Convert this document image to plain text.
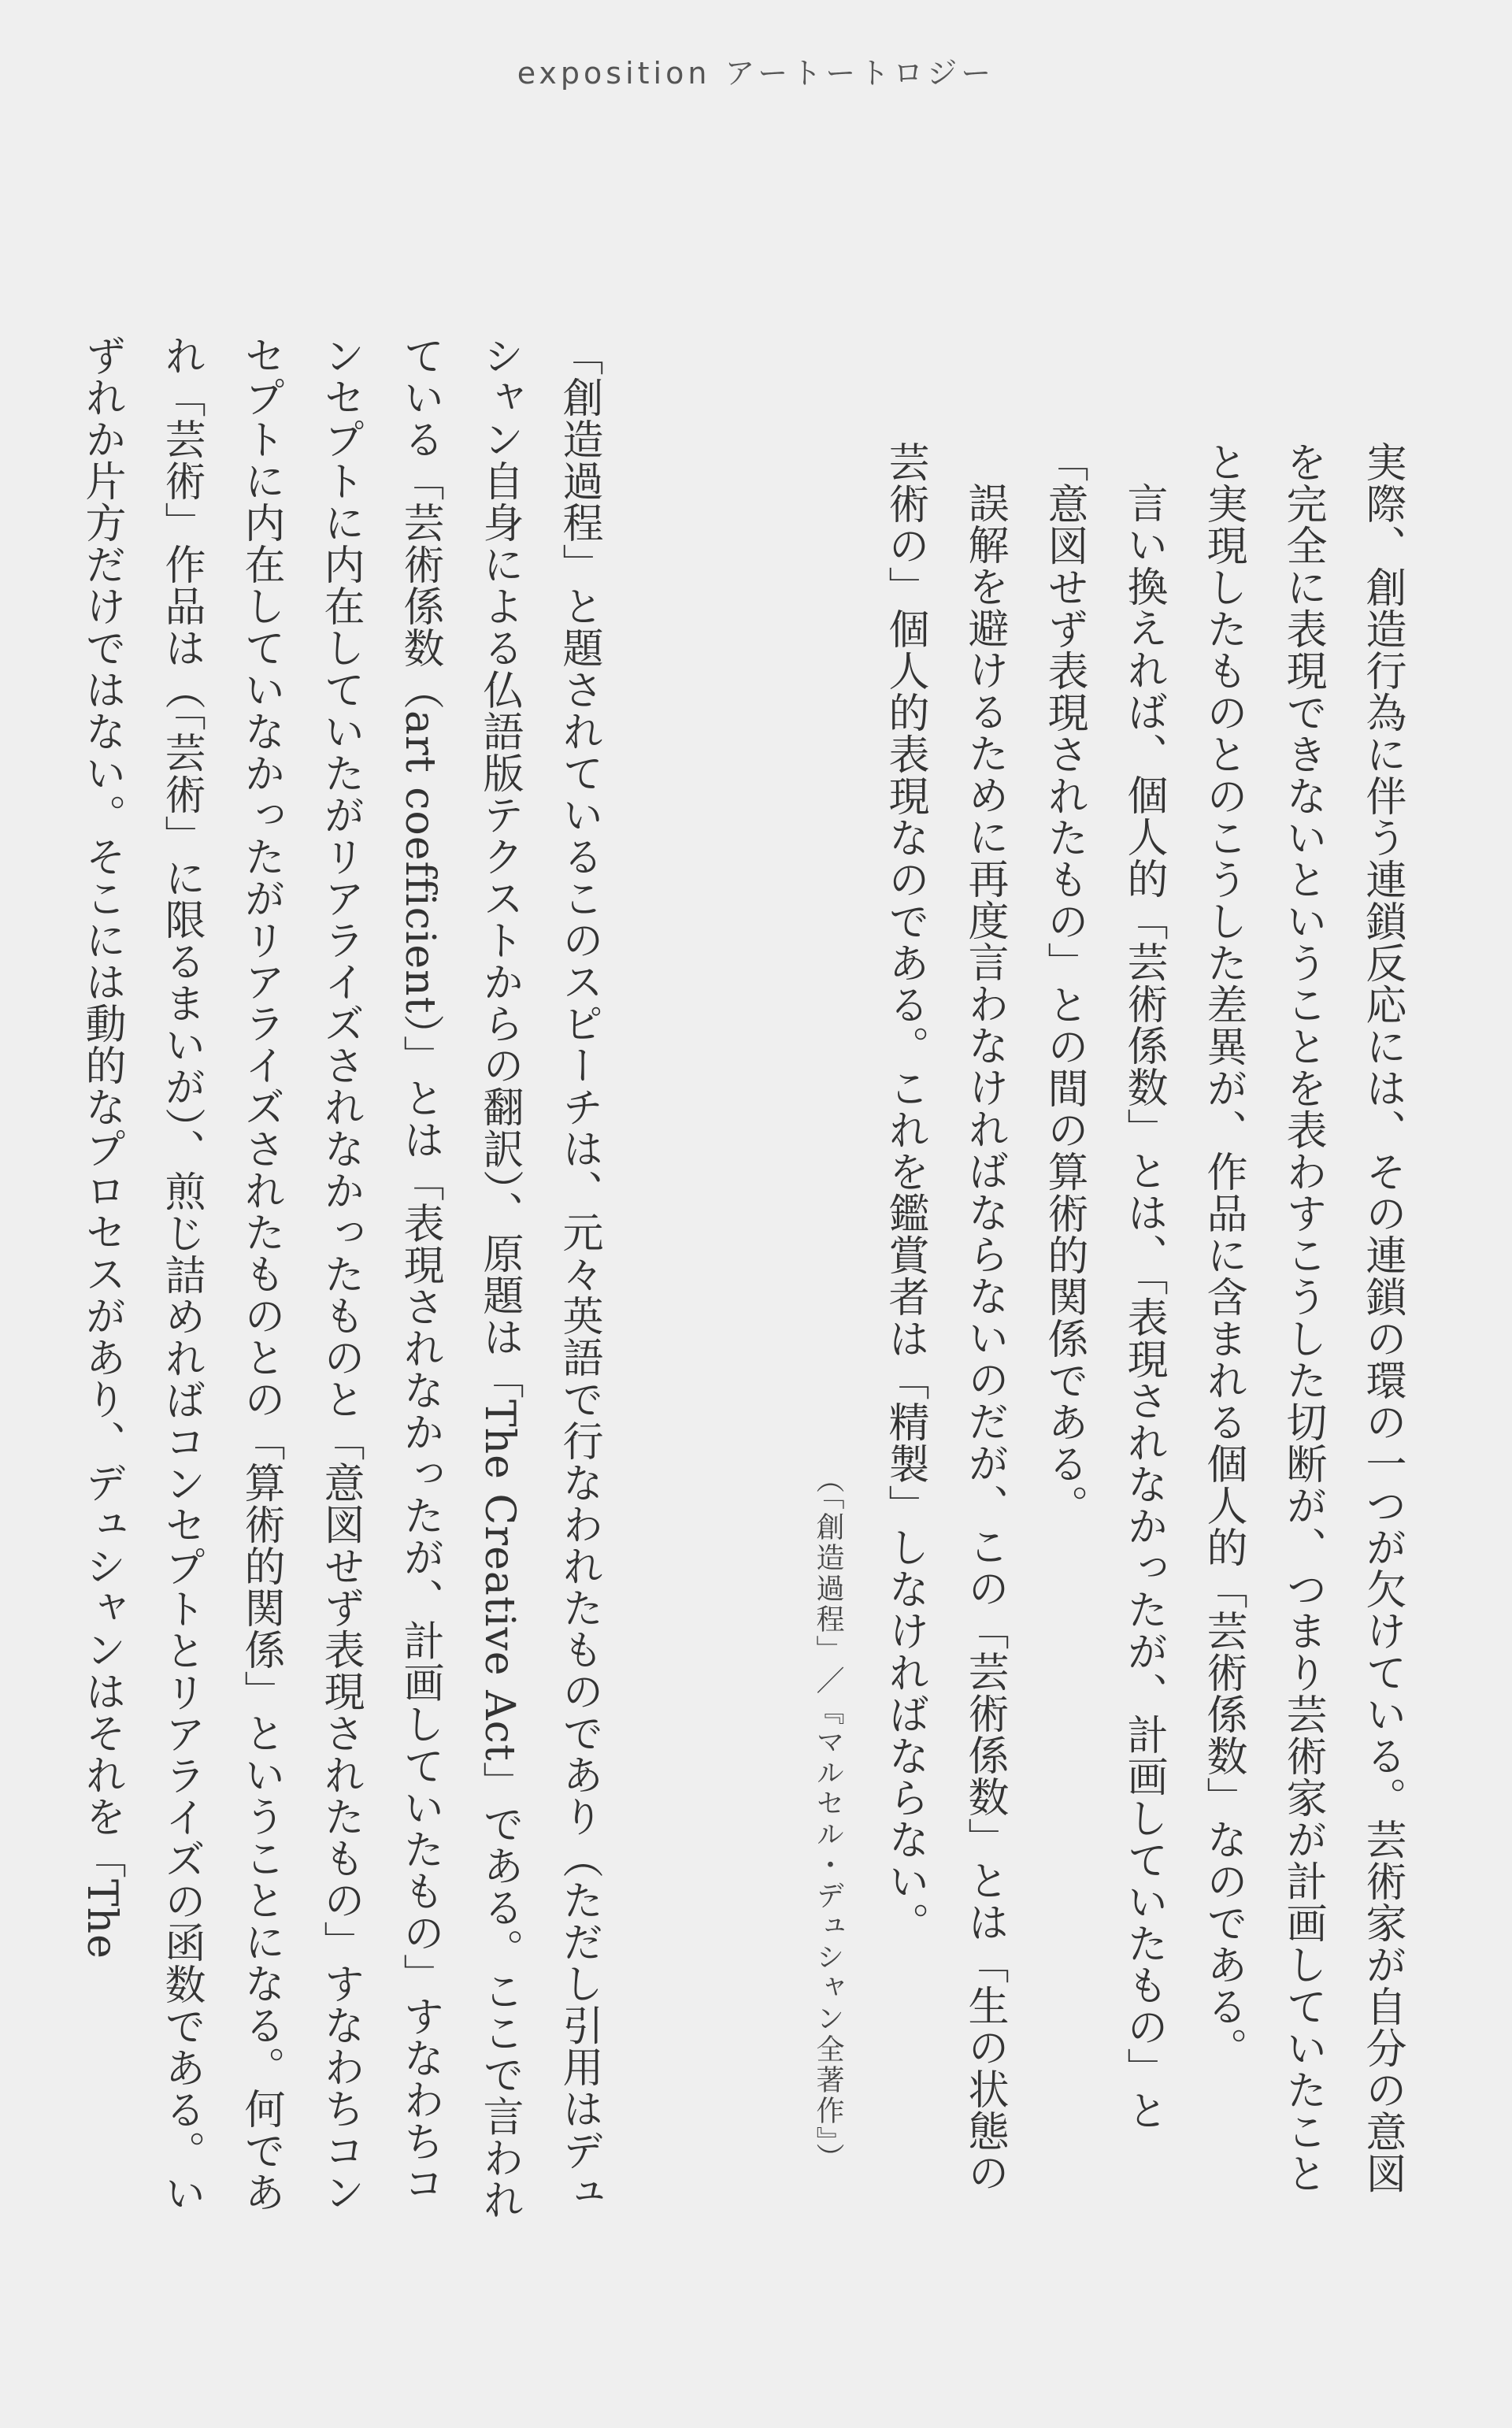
exposition アートートロジー
実際、創造行為に伴う連鎖反応には、その連鎖の環の一つが欠けている。芸術家が自分の意図を完全に表現できないということを表わすこうした切断が、つまり芸術家が計画していたことと実現したものとのこうした差異が、作品に含まれる個人的「芸術係数」なのである。
言い換えれば、個人的「芸術係数」とは、「表現されなかったが、計画していたもの」と「意図せず表現されたもの」との間の算術的関係である。
誤解を避けるために再度言わなければならないのだが、この「芸術係数」とは「生の状態の芸術の」個人的表現なのである。これを鑑賞者は「精製」しなければならない。
（「創造過程」／『マルセル・デュシャン全著作』）
「創造過程」と題されているこのスピーチは、元々英語で行なわれたものであり（ただし引用はデュシャン自身による仏語版テクストからの翻訳）、原題は「The Creative Act」である。ここで言われている「芸術係数（art coefficient）」とは「表現されなかったが、計画していたもの」すなわちコンセプトに内在していたがリアライズされなかったものと「意図せず表現されたもの」すなわちコンセプトに内在していなかったがリアライズされたものとの「算術的関係」ということになる。何であれ「芸術」作品は（「芸術」に限るまいが）、煎じ詰めればコンセプトとリアライズの函数である。いずれか片方だけではない。そこには動的なプロセスがあり、デュシャンはそれを「The
